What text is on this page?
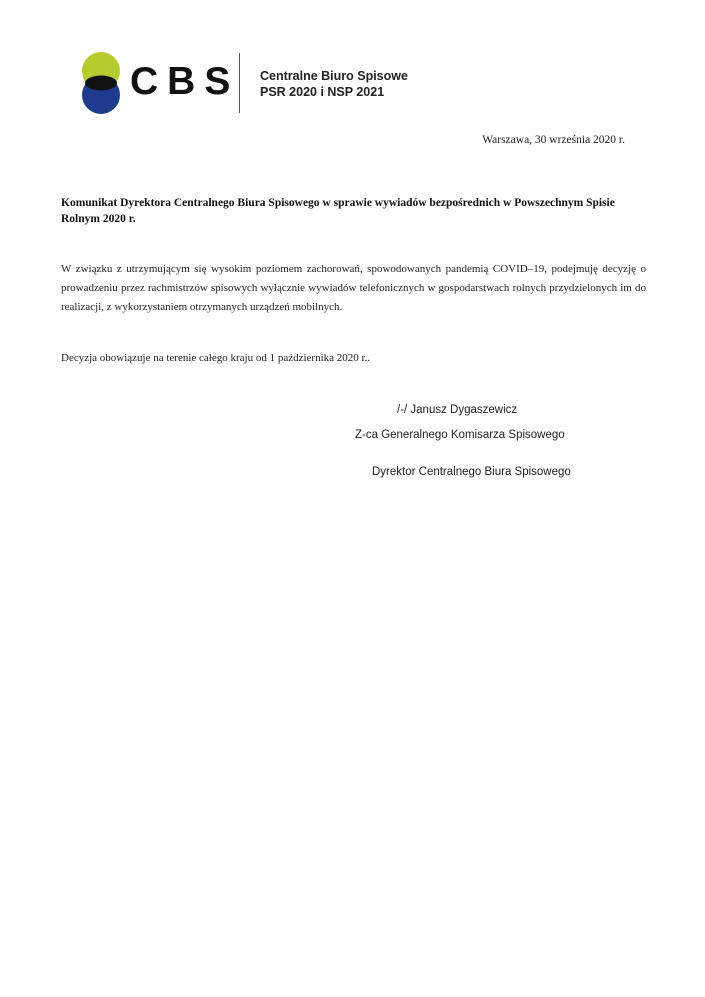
CBS Centralne Biuro Spisowe
PSR 2020 i NSP 2021
Warszawa, 30 września 2020 r.
Komunikat Dyrektora Centralnego Biura Spisowego w sprawie wywiadów bezpośrednich w Powszechnym Spisie Rolnym 2020 r.
W związku z utrzymującym się wysokim poziomem zachorowań, spowodowanych pandemią COVID–19, podejmuję decyzję o prowadzeniu przez rachmistrzów spisowych wyłącznie wywiadów telefonicznych w gospodarstwach rolnych przydzielonych im do realizacji, z wykorzystaniem otrzymanych urządzeń mobilnych.
Decyzja obowiązuje na terenie całego kraju od 1 października 2020 r..
/-/ Janusz Dygaszewicz
Z-ca Generalnego Komisarza Spisowego
Dyrektor Centralnego Biura Spisowego
